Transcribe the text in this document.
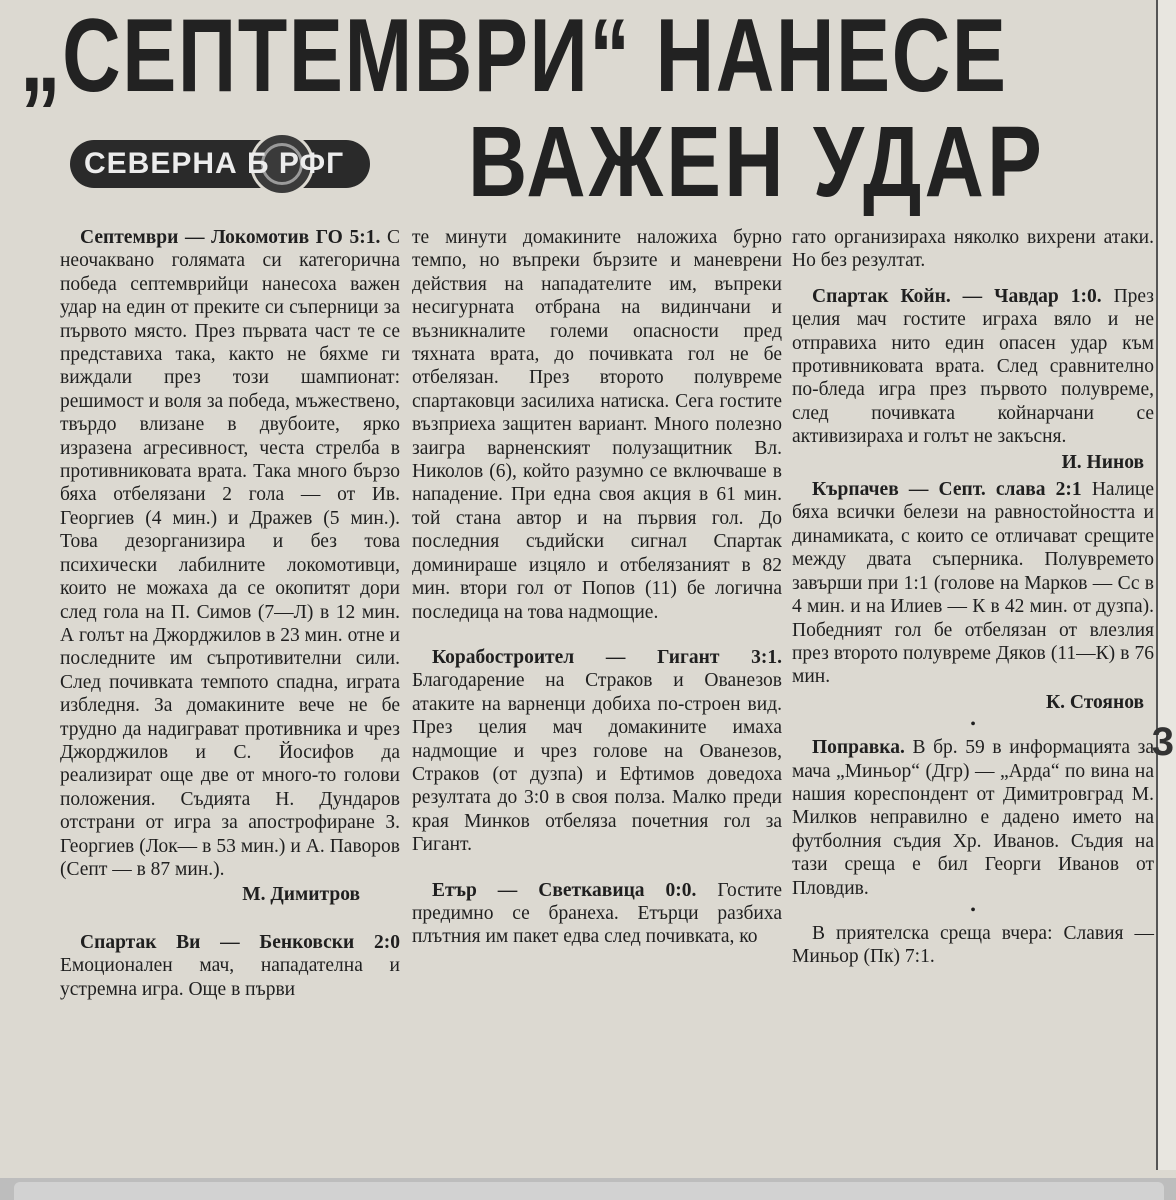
„СЕПТЕМВРИ“ НАНЕСЕ
СЕВЕРНА Б РФГ ВАЖЕН УДАР

Септември — Локомотив ГО 5:1. С неочаквано голямата си категорична победа септемврийци нанесоха важен удар на един от преките си съперници за първото място. През първата част те се представиха така, както не бяхме ги виждали през този шампионат: решимост и воля за победа, мъжествено, твърдо влизане в двубоите, ярко изразена агресивност, честа стрелба в противниковата врата. Така много бързо бяха отбелязани 2 гола — от Ив. Георгиев (4 мин.) и Дражев (5 мин.). Това дезорганизира и без това психически лабилните локомотивци, които не можаха да се окопитят дори след гола на П. Симов (7—Л) в 12 мин. А голът на Джорджилов в 23 мин. отне и последните им съпротивителни сили. След почивката темпото спадна, играта избледня. За домакините вече не бе трудно да надиграват противника и чрез Джорджилов и С. Йосифов да реализират още две от много-то голови положения. Съдията Н. Дундаров отстрани от игра за апострофиране З. Георгиев (Лок— в 53 мин.) и А. Паворов (Септ — в 87 мин.).

М. Димитров

Спартак Ви — Бенковски 2:0 Емоционален мач, нападателна и устремна игра. Още в първи

те минути домакините наложиха бурно темпо, но въпреки бързите и маневрени действия на нападателите им, въпреки несигурната отбрана на видинчани и възникналите големи опасности пред тяхната врата, до почивката гол не бе отбелязан. През второто полувреме спартаковци засилиха натиска. Сега гостите възприеха защитен вариант. Много полезно заигра варненският полузащитник Вл. Николов (6), който разумно се включваше в нападение. При една своя акция в 61 мин. той стана автор и на първия гол. До последния съдийски сигнал Спартак доминираше изцяло и отбелязаният в 82 мин. втори гол от Попов (11) бе логична последица на това надмощие.

Корабостроител — Гигант 3:1. Благодарение на Страков и Ованезов атаките на варненци добиха по-строен вид. През целия мач домакините имаха надмощие и чрез голове на Ованезов, Страков (от дузпа) и Ефтимов доведоха резултата до 3:0 в своя полза. Малко преди края Минков отбеляза почетния гол за Гигант.

Етър — Светкавица 0:0. Гостите предимно се бранеха. Етърци разбиха плътния им пакет едва след почивката, ко

гато организираха няколко вихрени атаки. Но без резултат.

Спартак Койн. — Чавдар 1:0. През целия мач гостите играха вяло и не отправиха нито един опасен удар към противниковата врата. След сравнително по-бледа игра през първото полувреме, след почивката койнарчани се активизираха и голът не закъсня.

И. Нинов

Кърпачев — Септ. слава 2:1 Налице бяха всички белези на равностойността и динамиката, с които се отличават срещите между двата съперника. Полувремето завърши при 1:1 (голове на Марков — Сс в 4 мин. и на Илиев — К в 42 мин. от дузпа). Победният гол бе отбелязан от влезлия през второто полувреме Дяков (11—К) в 76 мин.

К. Стоянов

•

Поправка. В бр. 59 в информацията за мача „Миньор“ (Дгр) — „Арда“ по вина на нашия кореспондент от Димитровград М. Милков неправилно е дадено името на футболния съдия Хр. Иванов. Съдия на тази среща е бил Георги Иванов от Пловдив.

•

В приятелска среща вчера: Славия — Миньор (Пк) 7:1.

3
